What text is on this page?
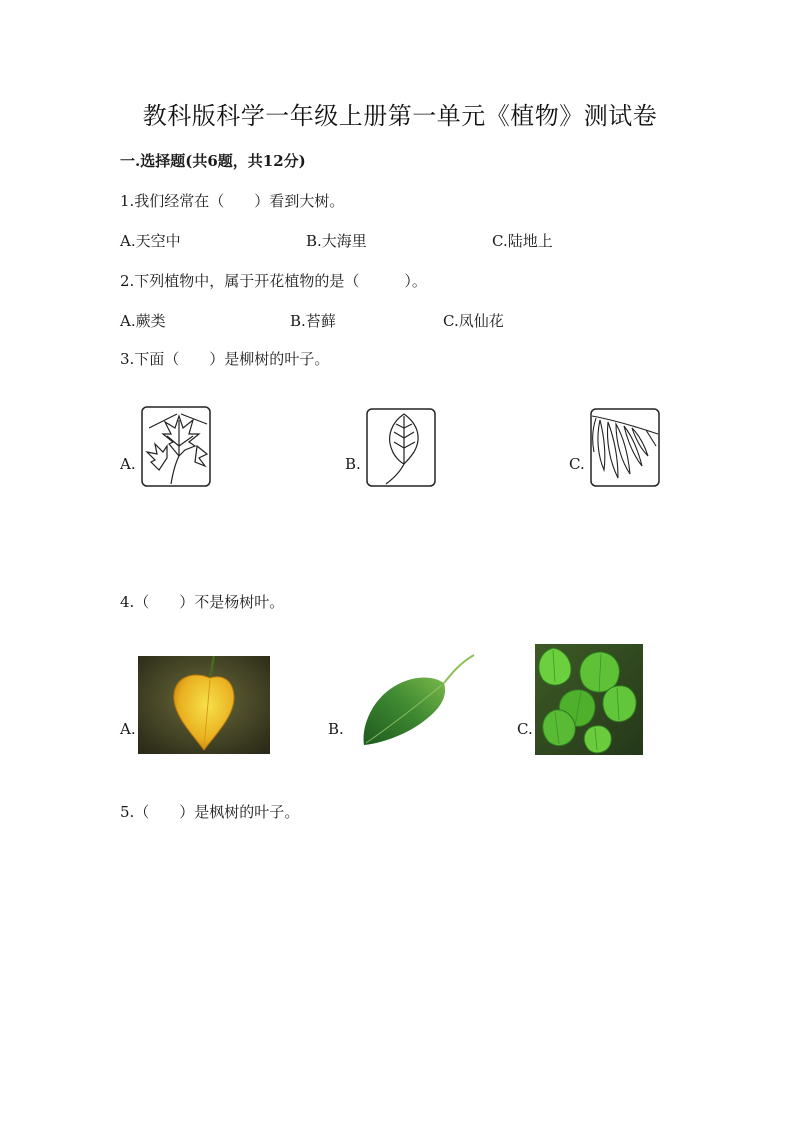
教科版科学一年级上册第一单元《植物》测试卷
一.选择题(共6题，共12分)
1.我们经常在（　　）看到大树。
A.天空中	B.大海里	C.陆地上
2.下列植物中，属于开花植物的是（　　　）。
A.蕨类	B.苔藓	C.凤仙花
3.下面（　　）是柳树的叶子。
A.	B.	C.
4.（　　）不是杨树叶。
A.	B.	C.
5.（　　）是枫树的叶子。
